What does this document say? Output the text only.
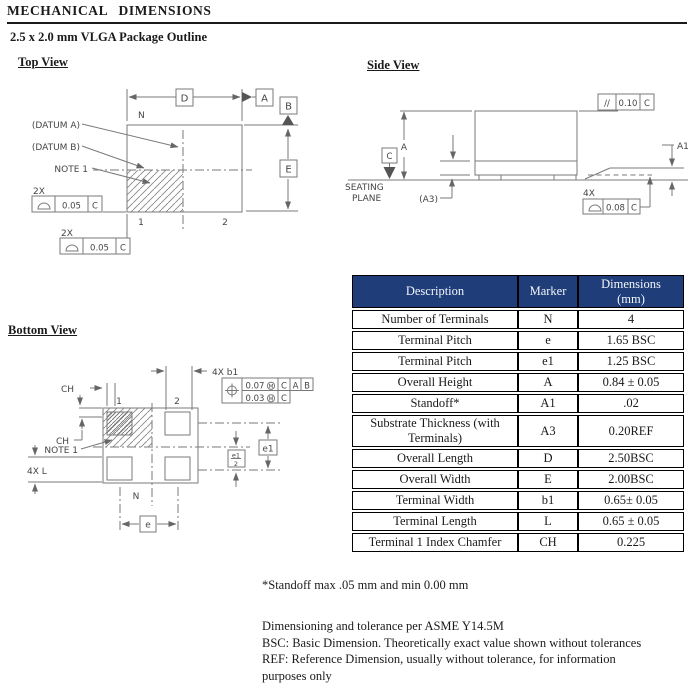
MECHANICAL DIMENSIONS
2.5 x 2.0 mm VLGA Package Outline
Top View	Side View
Bottom View
D	A
B
E
N
(DATUM A)
(DATUM B)
NOTE 1
2X
0.05 C
2X
0.05 C
1	2
A
C
SEATING
PLANE	(A3)
// 0.10 C
A1
4X
0.08 C
4X b1
0.07 M C A B
0.03 M C
CH
CH
NOTE 1
4X L
1	2
N
e
e1
e1
2
Description	Marker	Dimensions
(mm)

Number of Terminals	N	4
Terminal Pitch	e	1.65 BSC
Terminal Pitch	e1	1.25 BSC
Overall Height	A	0.84 ± 0.05
Standoff*	A1	.02
Substrate Thickness (with Terminals)	A3	0.20REF
Overall Length	D	2.50BSC
Overall Width	E	2.00BSC
Terminal Width	b1	0.65± 0.05
Terminal Length	L	0.65 ± 0.05
Terminal 1 Index Chamfer	CH	0.225
*Standoff max .05 mm and min 0.00 mm
Dimensioning and tolerance per ASME Y14.5M
BSC: Basic Dimension. Theoretically exact value shown without tolerances
REF: Reference Dimension, usually without tolerance, for information
purposes only
